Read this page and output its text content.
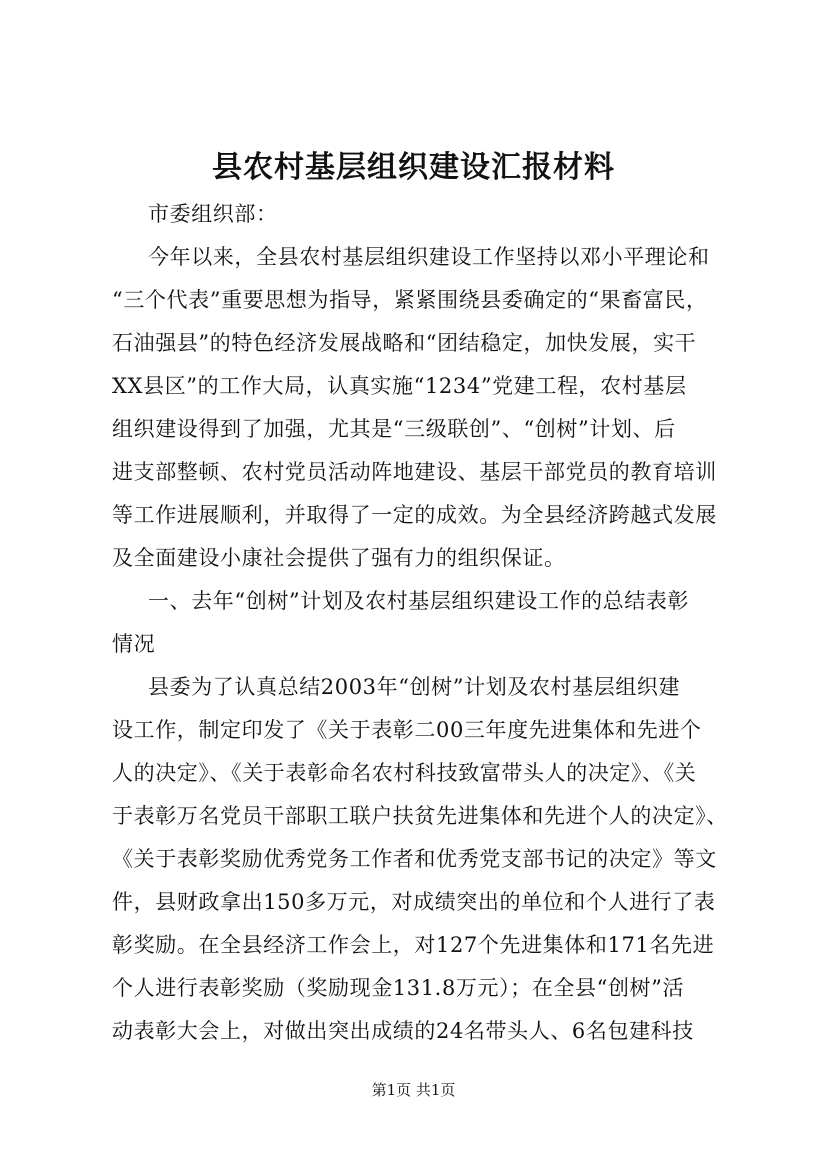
县农村基层组织建设汇报材料
市委组织部：
今年以来，全县农村基层组织建设工作坚持以邓小平理论和
“三个代表”重要思想为指导，紧紧围绕县委确定的“果畜富民，
石油强县”的特色经济发展战略和“团结稳定，加快发展，实干
XX县区”的工作大局，认真实施“1234”党建工程，农村基层
组织建设得到了加强，尤其是“三级联创”、“创树”计划、后
进支部整顿、农村党员活动阵地建设、基层干部党员的教育培训
等工作进展顺利，并取得了一定的成效。为全县经济跨越式发展
及全面建设小康社会提供了强有力的组织保证。
一、去年“创树”计划及农村基层组织建设工作的总结表彰
情况
县委为了认真总结2003年“创树”计划及农村基层组织建
设工作，制定印发了《关于表彰二00三年度先进集体和先进个
人的决定》、《关于表彰命名农村科技致富带头人的决定》、《关
于表彰万名党员干部职工联户扶贫先进集体和先进个人的决定》、
《关于表彰奖励优秀党务工作者和优秀党支部书记的决定》等文
件，县财政拿出150多万元，对成绩突出的单位和个人进行了表
彰奖励。在全县经济工作会上，对127个先进集体和171名先进
个人进行表彰奖励（奖励现金131.8万元）；在全县“创树”活
动表彰大会上，对做出突出成绩的24名带头人、6名包建科技
第1页 共1页
